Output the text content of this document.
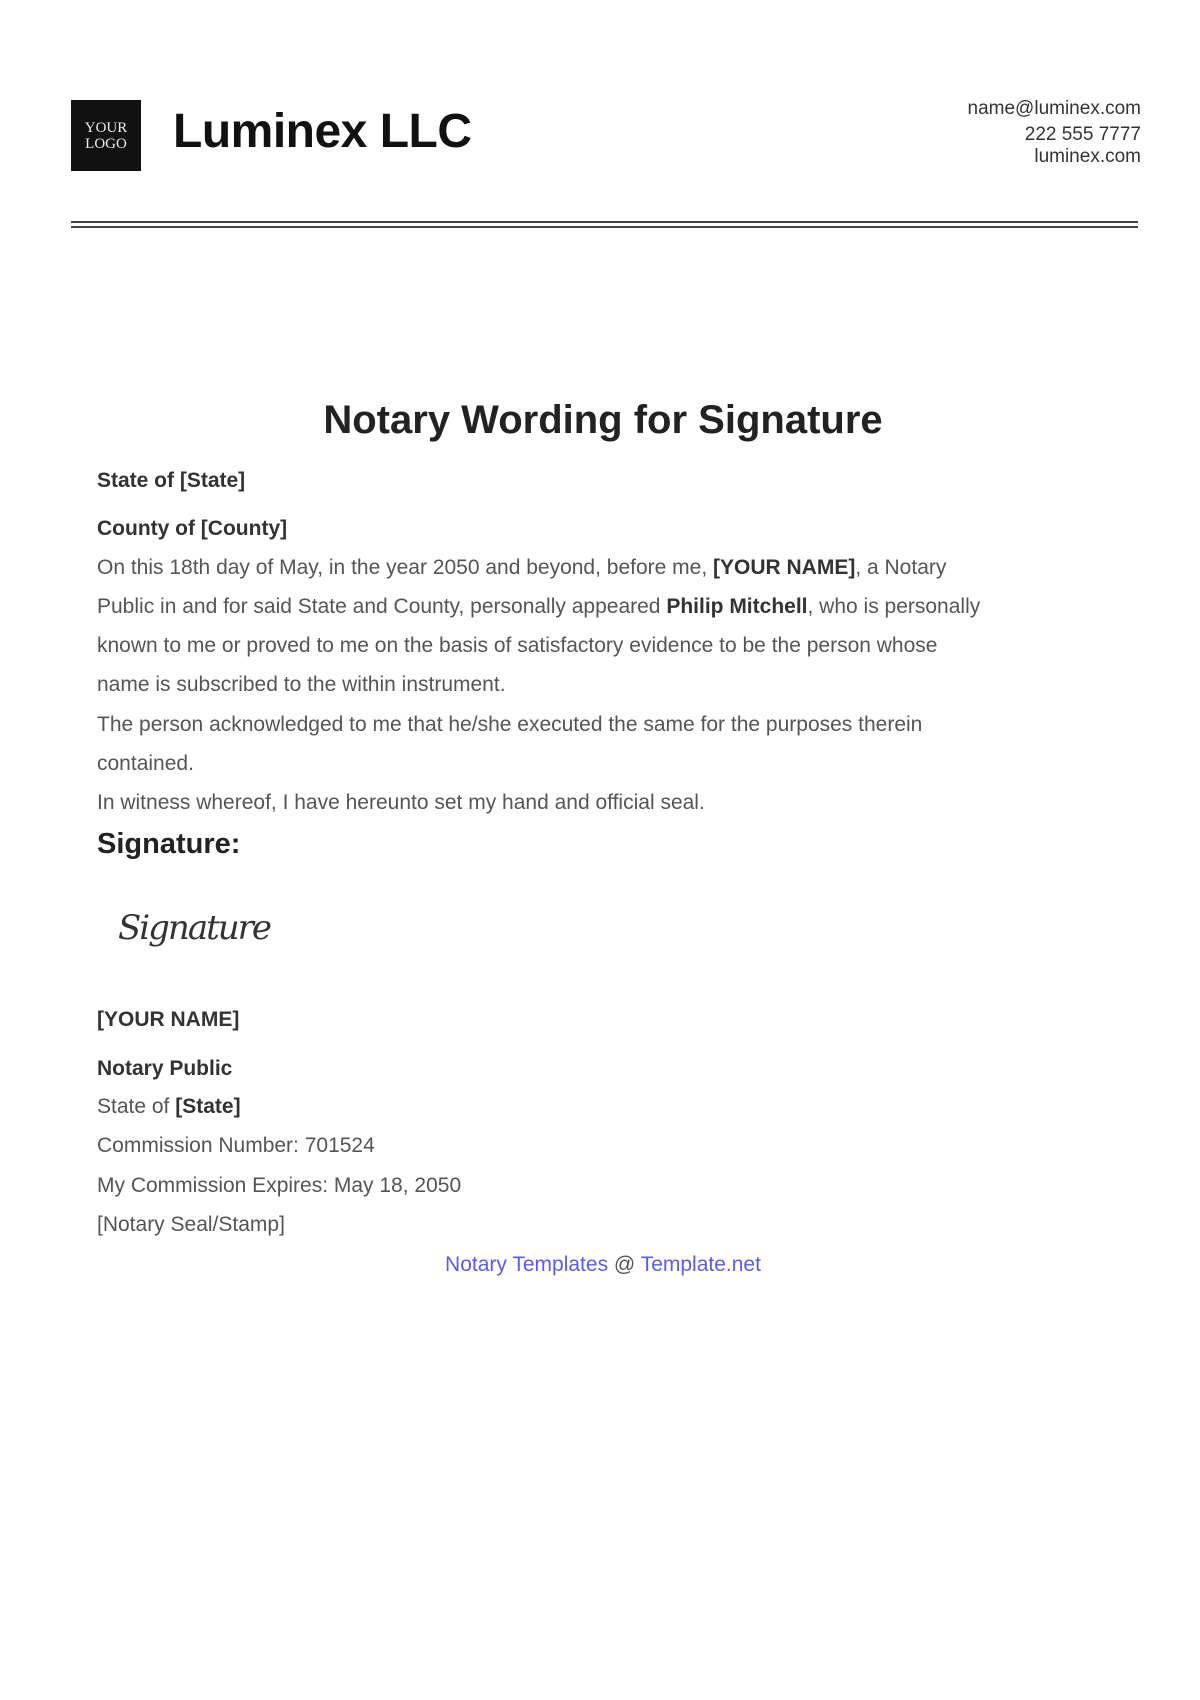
YOUR
LOGO Luminex LLC	name@luminex.com
222 555 7777
luminex.com
Notary Wording for Signature
State of [State]
County of [County]
On this 18th day of May, in the year 2050 and beyond, before me, [YOUR NAME], a Notary
Public in and for said State and County, personally appeared Philip Mitchell, who is personally
known to me or proved to me on the basis of satisfactory evidence to be the person whose
name is subscribed to the within instrument.
The person acknowledged to me that he/she executed the same for the purposes therein
contained.
In witness whereof, I have hereunto set my hand and official seal.
Signature:
Signature
[YOUR NAME]
Notary Public
State of [State]
Commission Number: 701524
My Commission Expires: May 18, 2050
[Notary Seal/Stamp]
Notary Templates @ Template.net
